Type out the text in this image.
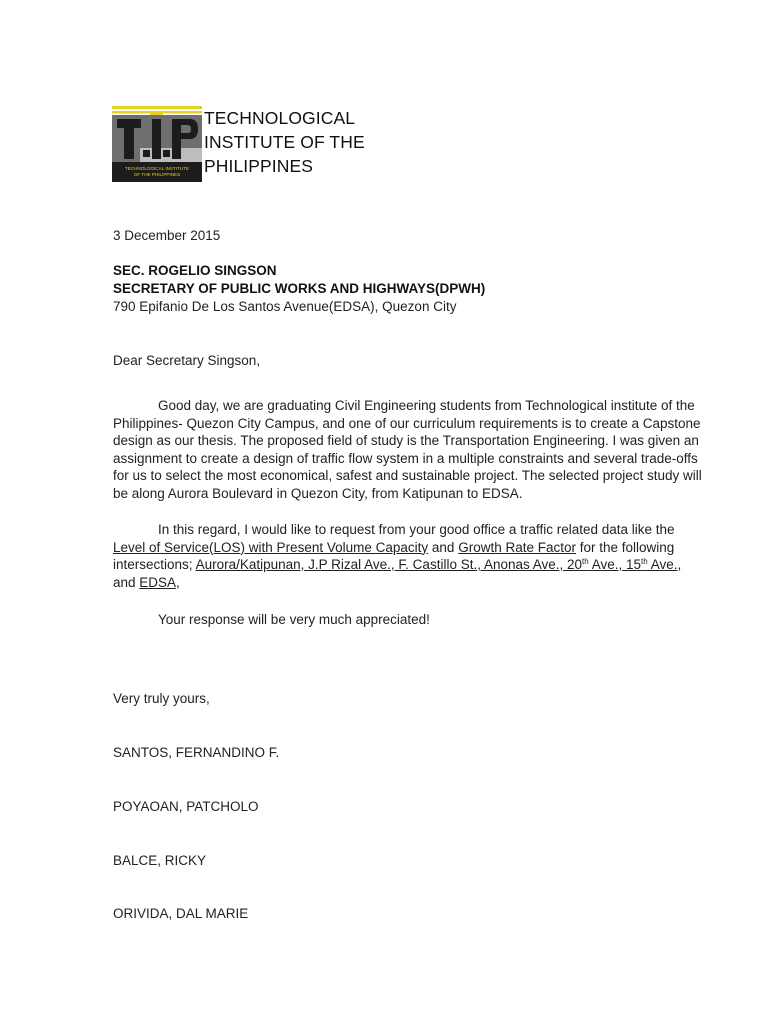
TECHNOLOGICAL INSTITUTE
OF THE PHILIPPINES
TECHNOLOGICAL
INSTITUTE OF THE
PHILIPPINES
3 December 2015
SEC. ROGELIO SINGSON
SECRETARY OF PUBLIC WORKS AND HIGHWAYS(DPWH)
790 Epifanio De Los Santos Avenue(EDSA), Quezon City
Dear Secretary Singson,
Good day, we are graduating Civil Engineering students from Technological institute of the
Philippines- Quezon City Campus, and one of our curriculum requirements is to create a Capstone
design as our thesis. The proposed field of study is the Transportation Engineering. I was given an
assignment to create a design of traffic flow system in a multiple constraints and several trade-offs
for us to select the most economical, safest and sustainable project. The selected project study will
be along Aurora Boulevard in Quezon City, from Katipunan to EDSA.
In this regard, I would like to request from your good office a traffic related data like the
Level of Service(LOS) with Present Volume Capacity and Growth Rate Factor for the following
intersections; Aurora/Katipunan, J.P Rizal Ave., F. Castillo St., Anonas Ave., 20th Ave., 15th Ave.,
and EDSA,
Your response will be very much appreciated!
Very truly yours,
SANTOS, FERNANDINO F.
POYAOAN, PATCHOLO
BALCE, RICKY
ORIVIDA, DAL MARIE
